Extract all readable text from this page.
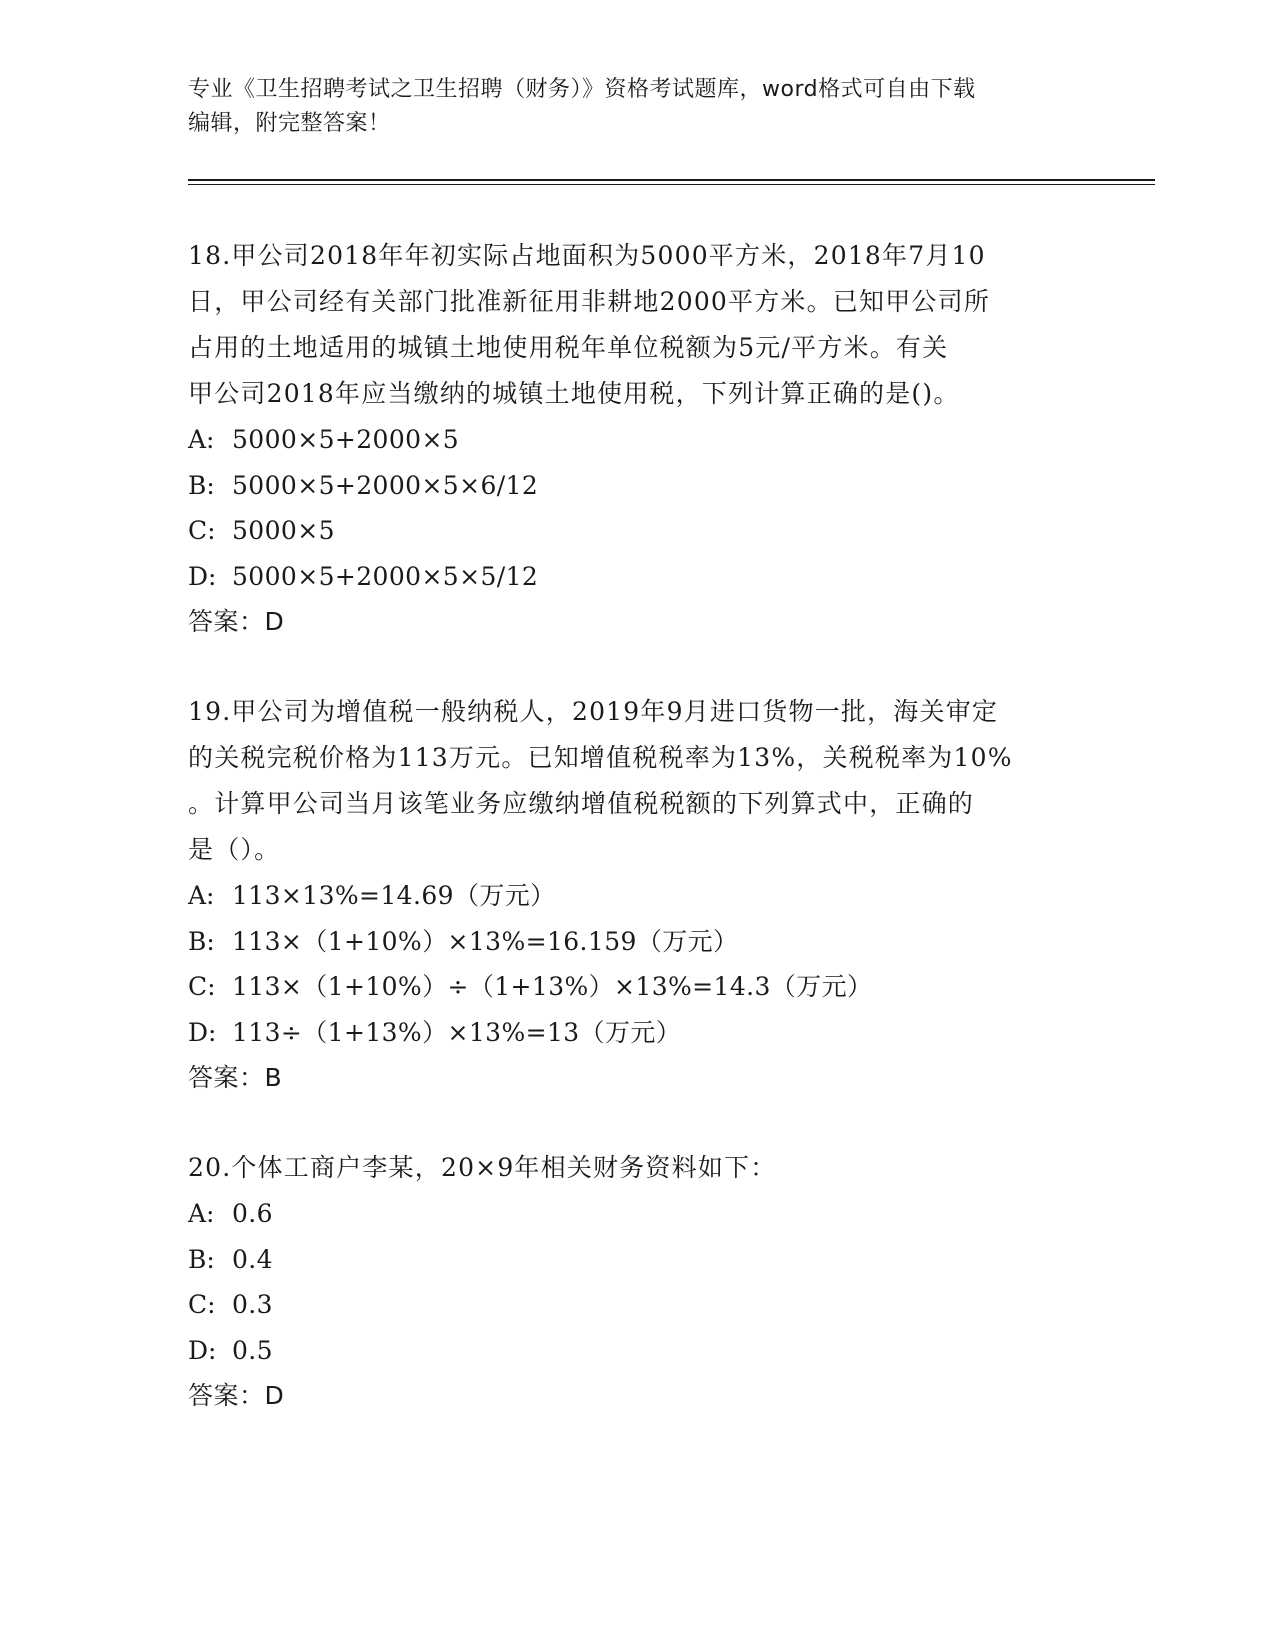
专业《卫生招聘考试之卫生招聘（财务）》资格考试题库，word格式可自由下载
编辑，附完整答案！
18.甲公司2018年年初实际占地面积为5000平方米，2018年7月10
日，甲公司经有关部门批准新征用非耕地2000平方米。已知甲公司所
占用的土地适用的城镇土地使用税年单位税额为5元/平方米。有关
甲公司2018年应当缴纳的城镇土地使用税，下列计算正确的是()。
A: 5000×5+2000×5
B: 5000×5+2000×5×6/12
C: 5000×5
D: 5000×5+2000×5×5/12
答案： D
19.甲公司为增值税一般纳税人，2019年9月进口货物一批，海关审定
的关税完税价格为113万元。已知增值税税率为13%，关税税率为10%
。计算甲公司当月该笔业务应缴纳增值税税额的下列算式中，正确的
是（）。
A: 113×13%=14.69（万元）
B: 113×（1+10%）×13%=16.159（万元）
C: 113×（1+10%）÷（1+13%）×13%=14.3（万元）
D: 113÷（1+13%）×13%=13（万元）
答案： B
20.个体工商户李某，20×9年相关财务资料如下：
A: 0.6
B: 0.4
C: 0.3
D: 0.5
答案： D
